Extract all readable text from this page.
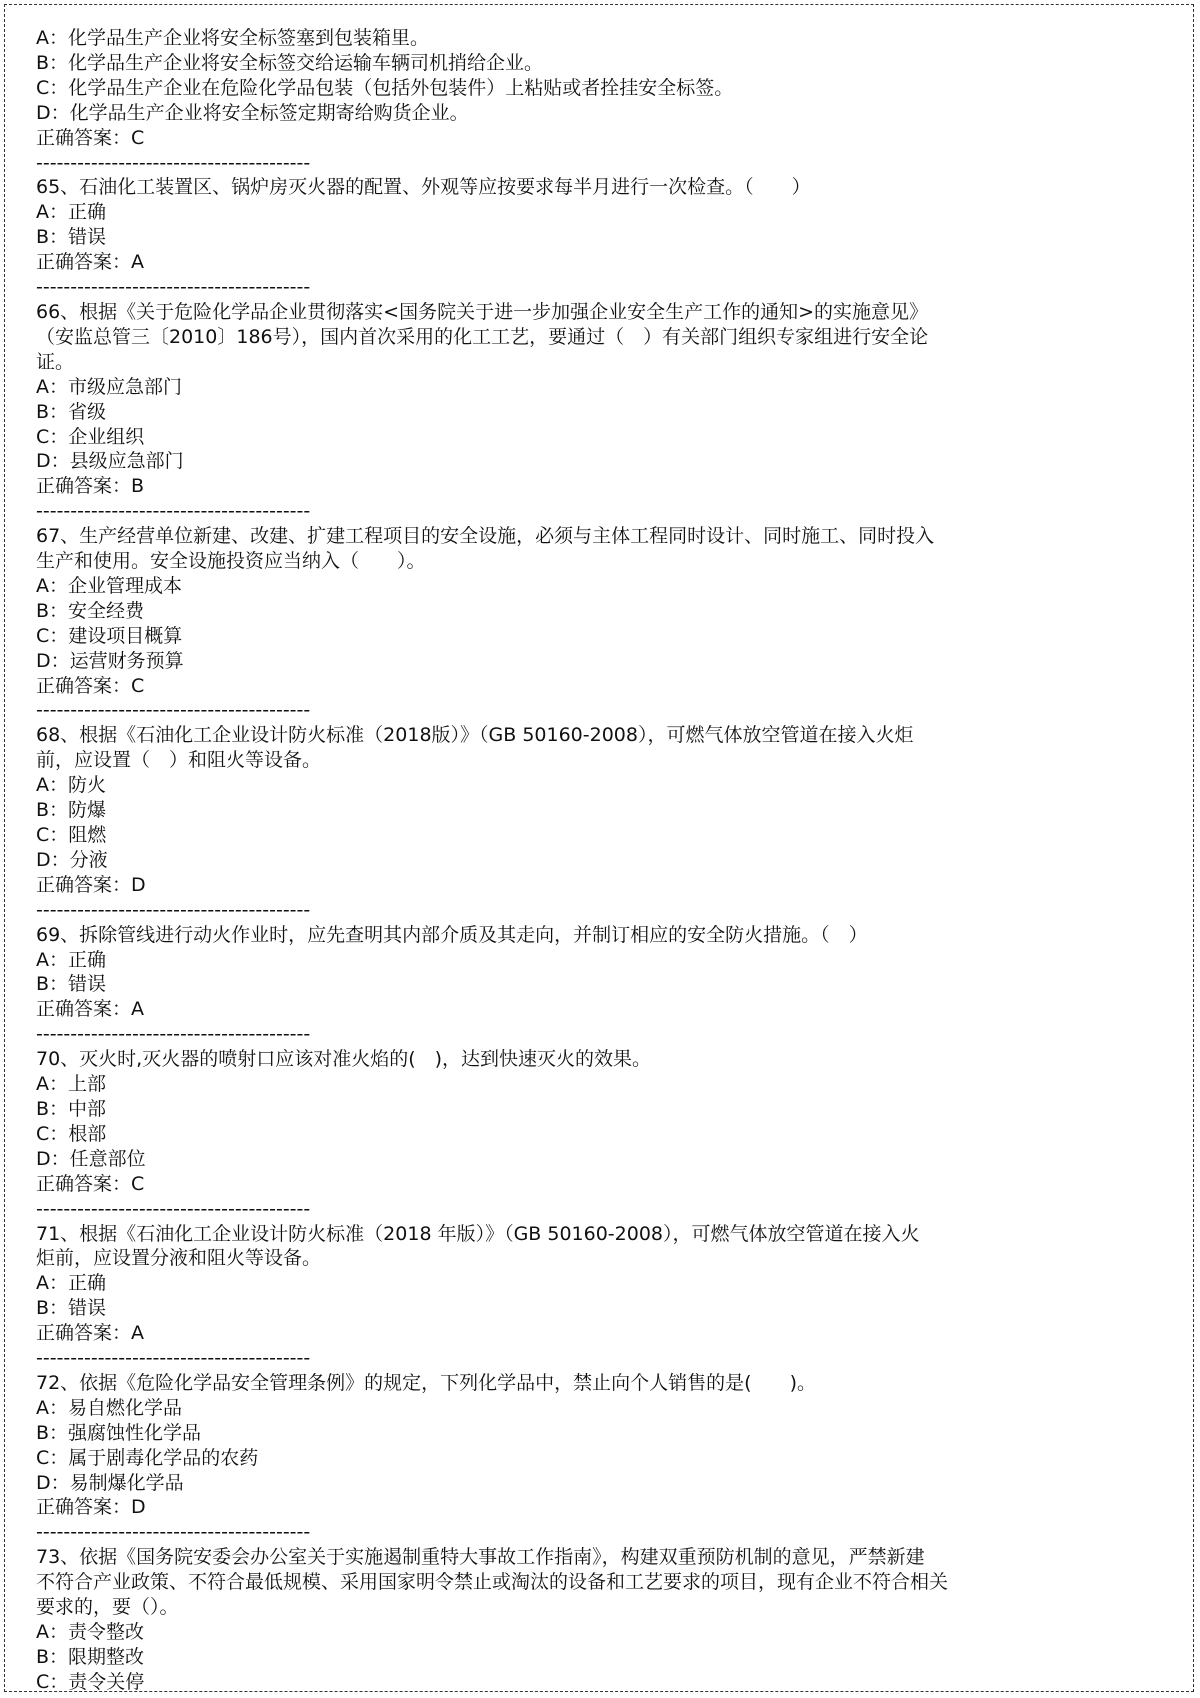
A：化学品生产企业将安全标签塞到包装箱里。
B：化学品生产企业将安全标签交给运输车辆司机捎给企业。
C：化学品生产企业在危险化学品包装（包括外包装件）上粘贴或者拴挂安全标签。
D：化学品生产企业将安全标签定期寄给购货企业。
正确答案：C
----------------------------------------
65、石油化工装置区、锅炉房灭火器的配置、外观等应按要求每半月进行一次检查。（　　）
A：正确
B：错误
正确答案：A
----------------------------------------
66、根据《关于危险化学品企业贯彻落实<国务院关于进一步加强企业安全生产工作的通知>的实施意见》
（安监总管三〔2010〕186号），国内首次采用的化工工艺，要通过（　）有关部门组织专家组进行安全论
证。
A：市级应急部门
B：省级
C：企业组织
D：县级应急部门
正确答案：B
----------------------------------------
67、生产经营单位新建、改建、扩建工程项目的安全设施，必须与主体工程同时设计、同时施工、同时投入
生产和使用。安全设施投资应当纳入（　　）。
A：企业管理成本
B：安全经费
C：建设项目概算
D：运营财务预算
正确答案：C
----------------------------------------
68、根据《石油化工企业设计防火标准（2018版）》（GB 50160-2008），可燃气体放空管道在接入火炬
前，应设置（　）和阻火等设备。
A：防火
B：防爆
C：阻燃
D：分液
正确答案：D
----------------------------------------
69、拆除管线进行动火作业时，应先查明其内部介质及其走向，并制订相应的安全防火措施。（　）
A：正确
B：错误
正确答案：A
----------------------------------------
70、灭火时,灭火器的喷射口应该对准火焰的(　)，达到快速灭火的效果。
A：上部
B：中部
C：根部
D：任意部位
正确答案：C
----------------------------------------
71、根据《石油化工企业设计防火标准（2018 年版）》（GB 50160-2008），可燃气体放空管道在接入火
炬前，应设置分液和阻火等设备。
A：正确
B：错误
正确答案：A
----------------------------------------
72、依据《危险化学品安全管理条例》的规定，下列化学品中，禁止向个人销售的是(　　)。
A：易自燃化学品
B：强腐蚀性化学品
C：属于剧毒化学品的农药
D：易制爆化学品
正确答案：D
----------------------------------------
73、依据《国务院安委会办公室关于实施遏制重特大事故工作指南》，构建双重预防机制的意见，严禁新建
不符合产业政策、不符合最低规模、采用国家明令禁止或淘汰的设备和工艺要求的项目，现有企业不符合相关
要求的，要（）。
A：责令整改
B：限期整改
C：责令关停
